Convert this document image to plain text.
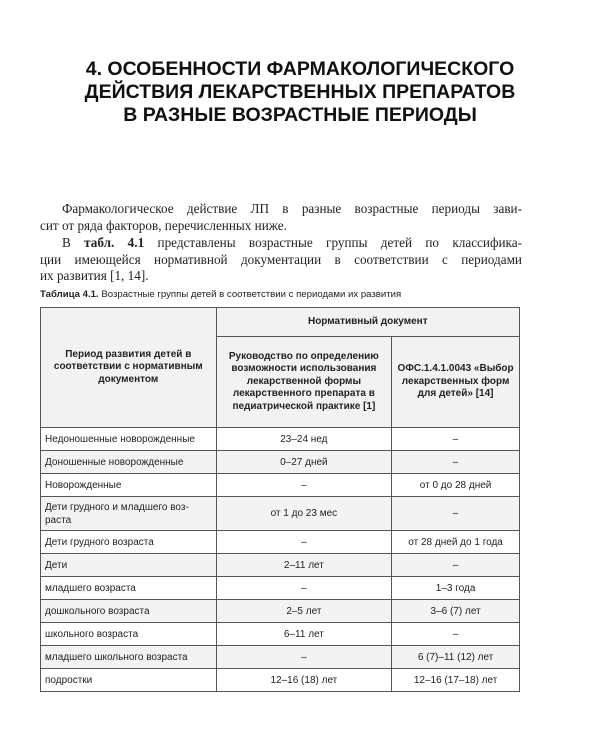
4. ОСОБЕННОСТИ ФАРМАКОЛОГИЧЕСКОГО
ДЕЙСТВИЯ ЛЕКАРСТВЕННЫХ ПРЕПАРАТОВ
В РАЗНЫЕ ВОЗРАСТНЫЕ ПЕРИОДЫ
Фармакологическое действие ЛП в разные возрастные периоды зави-
сит от ряда факторов, перечисленных ниже.
В табл. 4.1 представлены возрастные группы детей по классифика-
ции имеющейся нормативной документации в соответствии с периодами
их развития [1, 14].
Таблица 4.1. Возрастные группы детей в соответствии с периодами их развития
Период развития детей в соответствии с нормативным документом	Нормативный документ	
	Руководство по определению возможности использования лекарственной формы лекарственного препарата в педиатрической практике [1]	ОФС.1.4.1.0043 «Выбор лекарственных форм для детей» [14]
Недоношенные новорожденные	23–24 нед	–
Доношенные новорожденные	0–27 дней	–
Новорожденные	–	от 0 до 28 дней
Дети грудного и младшего воз-раста	от 1 до 23 мес	–
Дети грудного возраста	–	от 28 дней до 1 года
Дети	2–11 лет	–
младшего возраста	–	1–3 года
дошкольного возраста	2–5 лет	3–6 (7) лет
школьного возраста	6–11 лет	–
младшего школьного возраста	–	6 (7)–11 (12) лет
подростки	12–16 (18) лет	12–16 (17–18) лет
